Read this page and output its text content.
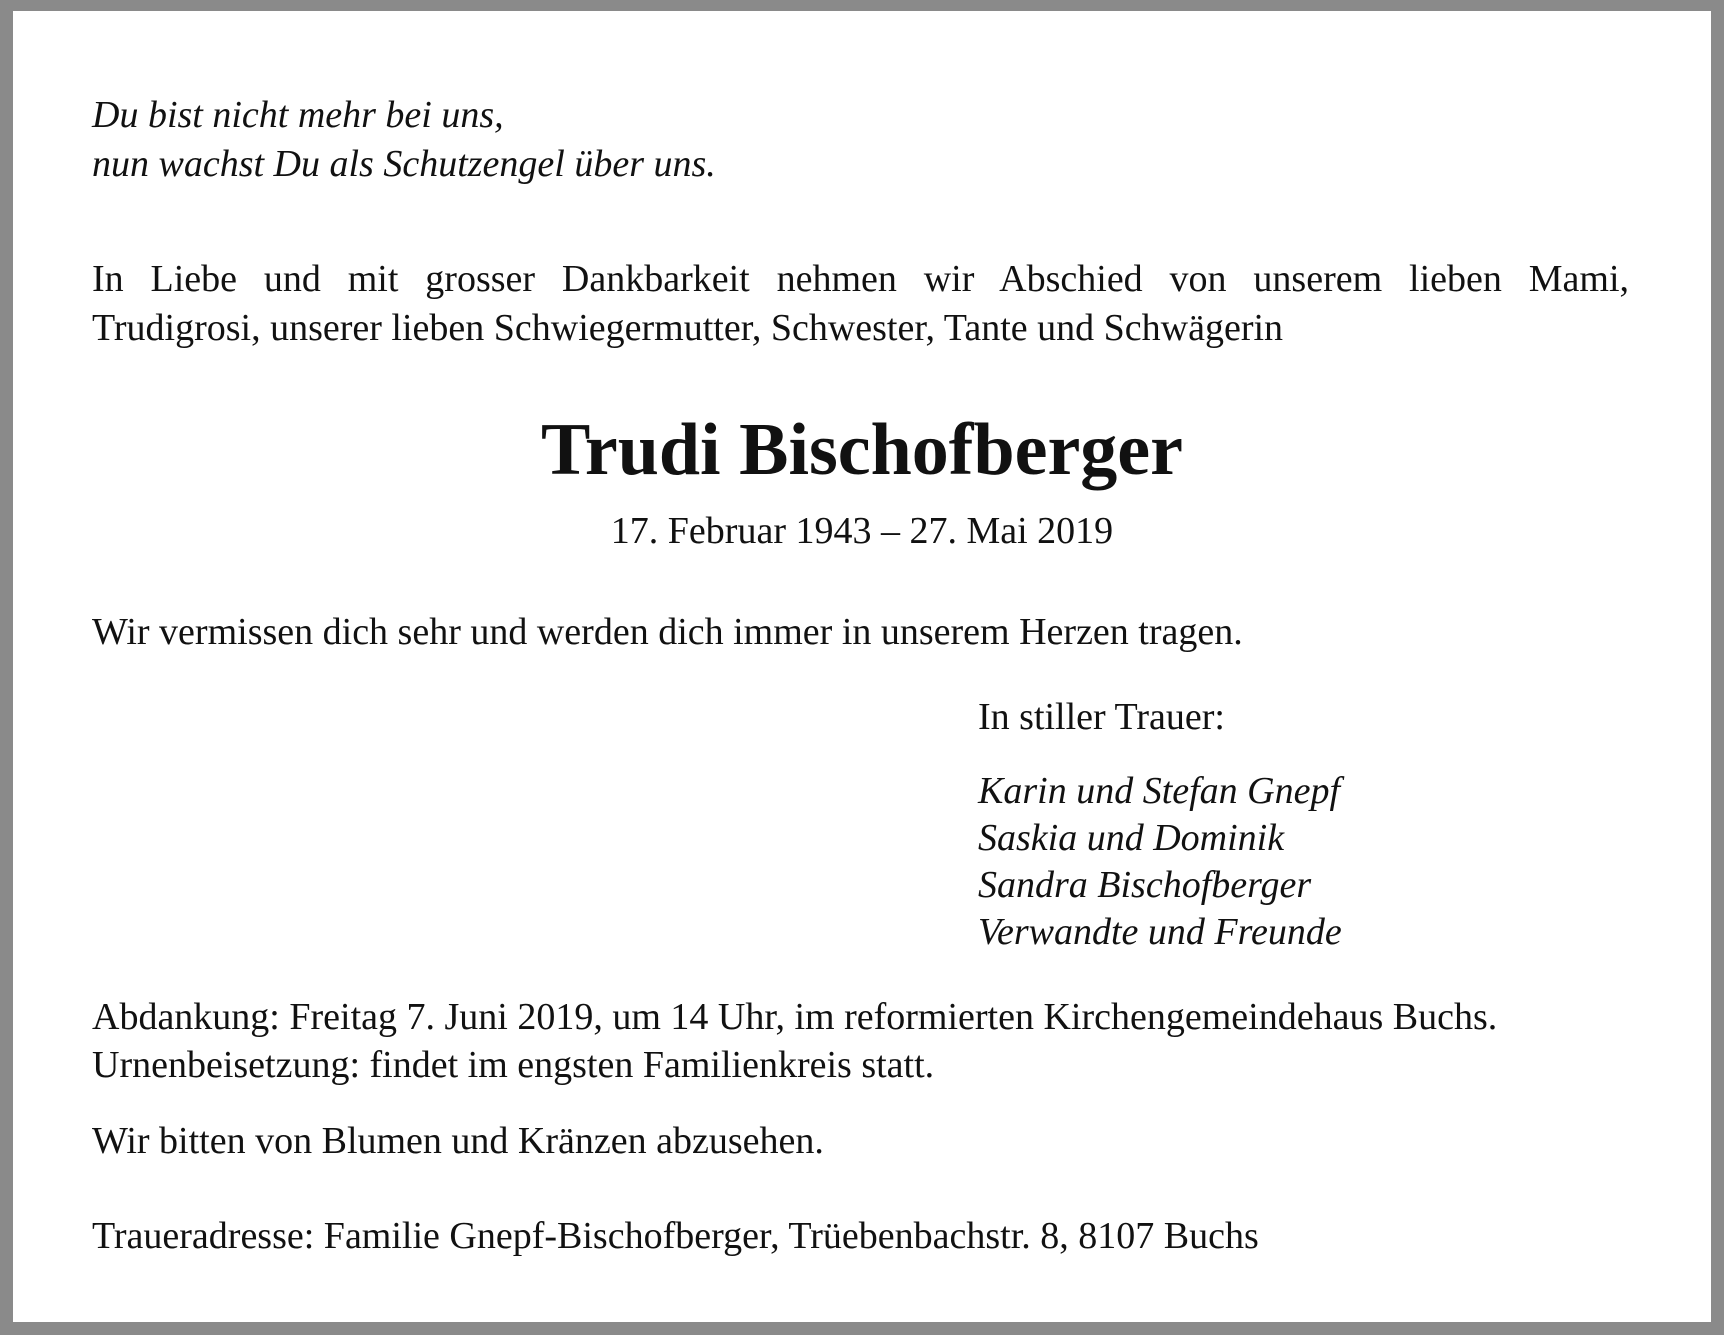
Du bist nicht mehr bei uns,

nun wachst Du als Schutzengel über uns.

In Liebe und mit grosser Dankbarkeit nehmen wir Abschied von unserem lieben Mami,

Trudigrosi, unserer lieben Schwiegermutter, Schwester, Tante und Schwägerin

Trudi Bischofberger

17. Februar 1943 – 27. Mai 2019

Wir vermissen dich sehr und werden dich immer in unserem Herzen tragen.

In stiller Trauer:

Karin und Stefan Gnepf

Saskia und Dominik

Sandra Bischofberger

Verwandte und Freunde

Abdankung: Freitag 7. Juni 2019, um 14 Uhr, im reformierten Kirchengemeindehaus Buchs.

Urnenbeisetzung: findet im engsten Familienkreis statt.

Wir bitten von Blumen und Kränzen abzusehen.

Traueradresse: Familie Gnepf-Bischofberger, Trüebenbachstr. 8, 8107 Buchs
